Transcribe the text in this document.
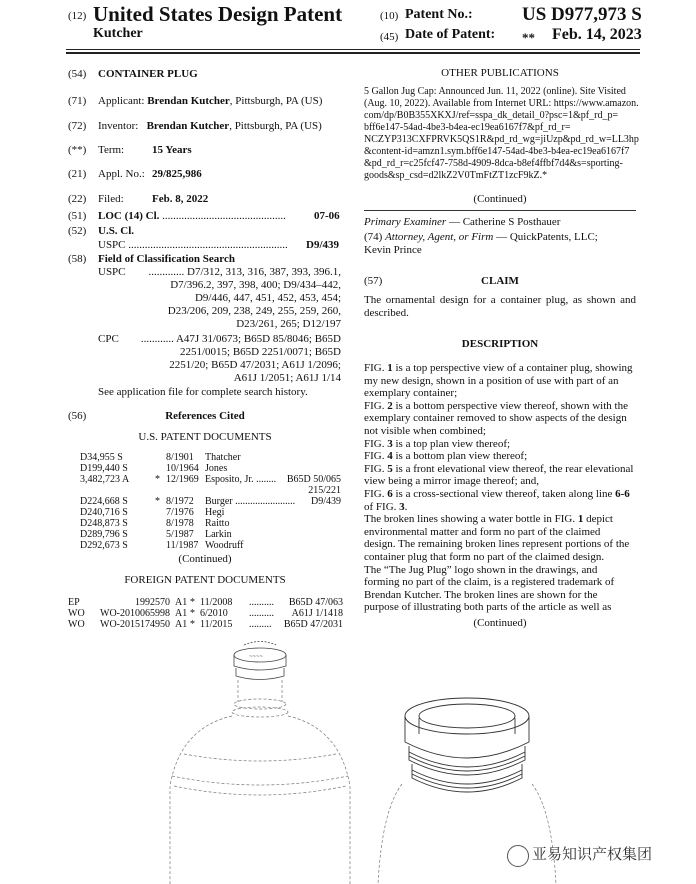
(12) United States Design Patent
Kutcher
(10) Patent No.:	US D977,973 S
(45) Date of Patent: ** Feb. 14, 2023
(54) CONTAINER PLUG
(71) Applicant: Brendan Kutcher, Pittsburgh, PA (US)
(72) Inventor: Brendan Kutcher, Pittsburgh, PA (US)
(**) Term:	15 Years
(21) Appl. No.: 29/825,986
(22) Filed:	Feb. 8, 2022
(51) LOC (14) Cl. .............................................	07-06
(52) U.S. Cl.
USPC ..........................................................	D9/439
(58) Field of Classification Search
USPC	............. D7/312, 313, 316, 387, 393, 396.1,
D7/396.2, 397, 398, 400; D9/434–442,
D9/446, 447, 451, 452, 453, 454;
D23/206, 209, 238, 249, 255, 259, 260,
D23/261, 265; D12/197
CPC	............ A47J 31/0673; B65D 85/8046; B65D
2251/0015; B65D 2251/0071; B65D
2251/20; B65D 47/2031; A61J 1/2096;
A61J 1/2051; A61J 1/14
See application file for complete search history.
(56)	References Cited
U.S. PATENT DOCUMENTS
D34,955 S	8/1901 Thatcher
D199,440 S	10/1964 Jones
3,482,723 A	* 12/1969 Esposito, Jr. ........ B65D 50/065
215/221
D224,668 S	* 8/1972 Burger ........................ D9/439
D240,716 S	7/1976 Hegi
D248,873 S	8/1978 Raitto
D289,796 S	5/1987 Larkin
D292,673 S	11/1987 Woodruff
(Continued)
FOREIGN PATENT DOCUMENTS
EP	1992570 A1 * 11/2008 .......... B65D 47/063
WO	WO-2010065998 A1 * 6/2010 .......... A61J 1/1418
WO	WO-2015174950 A1 * 11/2015 ......... B65D 47/2031
OTHER PUBLICATIONS
5 Gallon Jug Cap: Announced Jun. 11, 2022 (online). Site Visited
(Aug. 10, 2022). Available from Internet URL: https://www.amazon.
com/dp/B0B355XKXJ/ref=sspa_dk_detail_0?psc=1&pf_rd_p=
bff6e147-54ad-4be3-b4ea-ec19ea6167f7&pf_rd_r=
NCZYP313CXFPRVK5QS1R&pd_rd_wg=jiUzp&pd_rd_w=LL3hp
&content-id=amzn1.sym.bff6e147-54ad-4be3-b4ea-ec19ea6167f7
&pd_rd_r=c25fcf47-758d-4909-8dca-b8ef4ffbf7d4&s=sporting-
goods&sp_csd=d2lkZ2V0TmFtZT1zcF9kZ.*
(Continued)
Primary Examiner — Catherine S Posthauer
(74) Attorney, Agent, or Firm — QuickPatents, LLC;
Kevin Prince
(57)	CLAIM
The ornamental design for a container plug, as shown and described.
DESCRIPTION
FIG. 1 is a top perspective view of a container plug, showing
my new design, shown in a position of use with part of an
exemplary container;
FIG. 2 is a bottom perspective view thereof, shown with the
exemplary container removed to show aspects of the design
not visible when combined;
FIG. 3 is a top plan view thereof;
FIG. 4 is a bottom plan view thereof;
FIG. 5 is a front elevational view thereof, the rear elevational
view being a mirror image thereof; and,
FIG. 6 is a cross-sectional view thereof, taken along line 6-6
of FIG. 3.
The broken lines showing a water bottle in FIG. 1 depict
environmental matter and form no part of the claimed
design. The remaining broken lines represent portions of the
container plug that form no part of the claimed design.
The “The Jug Plug” logo shown in the drawings, and
forming no part of the claim, is a registered trademark of
Brendan Kutcher. The broken lines are shown for the
purpose of illustrating both parts of the article as well as
(Continued)
~~~~
亚易知识产权集团
